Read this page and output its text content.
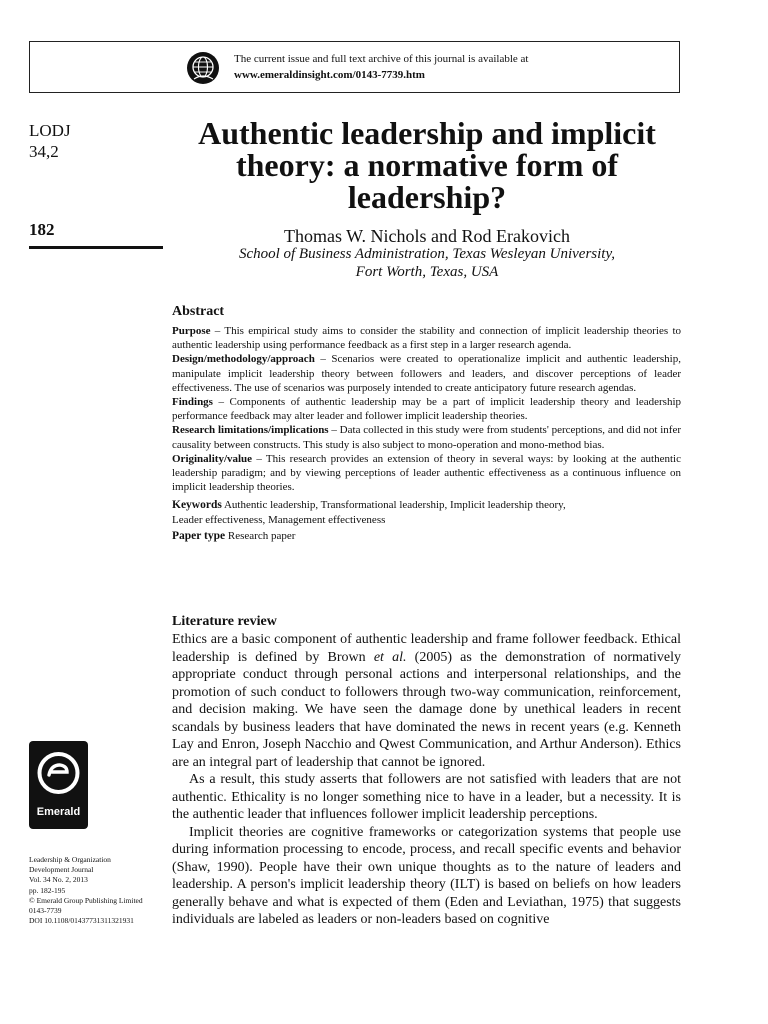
The current issue and full text archive of this journal is available at
www.emeraldinsight.com/0143-7739.htm
LODJ
34,2
182
Emerald
Leadership & Organization
Development Journal
Vol. 34 No. 2, 2013
pp. 182-195
© Emerald Group Publishing Limited
0143-7739
DOI 10.1108/01437731311321931
Authentic leadership and implicit
theory: a normative form of
leadership?
Thomas W. Nichols and Rod Erakovich
School of Business Administration, Texas Wesleyan University,
Fort Worth, Texas, USA
Abstract

Purpose – This empirical study aims to consider the stability and connection of implicit leadership theories to authentic leadership using performance feedback as a first step in a larger research agenda.

Design/methodology/approach – Scenarios were created to operationalize implicit and authentic leadership, manipulate implicit leadership theory between followers and leaders, and discover perceptions of leader effectiveness. The use of scenarios was purposely intended to create anticipatory future research agendas.

Findings – Components of authentic leadership may be a part of implicit leadership theory and leadership performance feedback may alter leader and follower implicit leadership theories.

Research limitations/implications – Data collected in this study were from students' perceptions, and did not infer causality between constructs. This study is also subject to mono-operation and mono-method bias.

Originality/value – This research provides an extension of theory in several ways: by looking at the authentic leadership paradigm; and by viewing perceptions of leader authentic effectiveness as a continuous influence on implicit leadership theories.

Keywords Authentic leadership, Transformational leadership, Implicit leadership theory,
Leader effectiveness, Management effectiveness

Paper type Research paper

Literature review

Ethics are a basic component of authentic leadership and frame follower feedback. Ethical leadership is defined by Brown et al. (2005) as the demonstration of normatively appropriate conduct through personal actions and interpersonal relationships, and the promotion of such conduct to followers through two-way communication, reinforcement, and decision making. We have seen the damage done by unethical leaders in recent scandals by business leaders that have dominated the news in recent years (e.g. Kenneth Lay and Enron, Joseph Nacchio and Qwest Communication, and Arthur Anderson). Ethics are an integral part of leadership that cannot be ignored.

As a result, this study asserts that followers are not satisfied with leaders that are not authentic. Ethicality is no longer something nice to have in a leader, but a necessity. It is the authentic leader that influences follower implicit leadership perceptions.

Implicit theories are cognitive frameworks or categorization systems that people use during information processing to encode, process, and recall specific events and behavior (Shaw, 1990). People have their own unique thoughts as to the nature of leaders and leadership. A person's implicit leadership theory (ILT) is based on beliefs on how leaders generally behave and what is expected of them (Eden and Leviathan, 1975) that suggests individuals are labeled as leaders or non-leaders based on cognitive
